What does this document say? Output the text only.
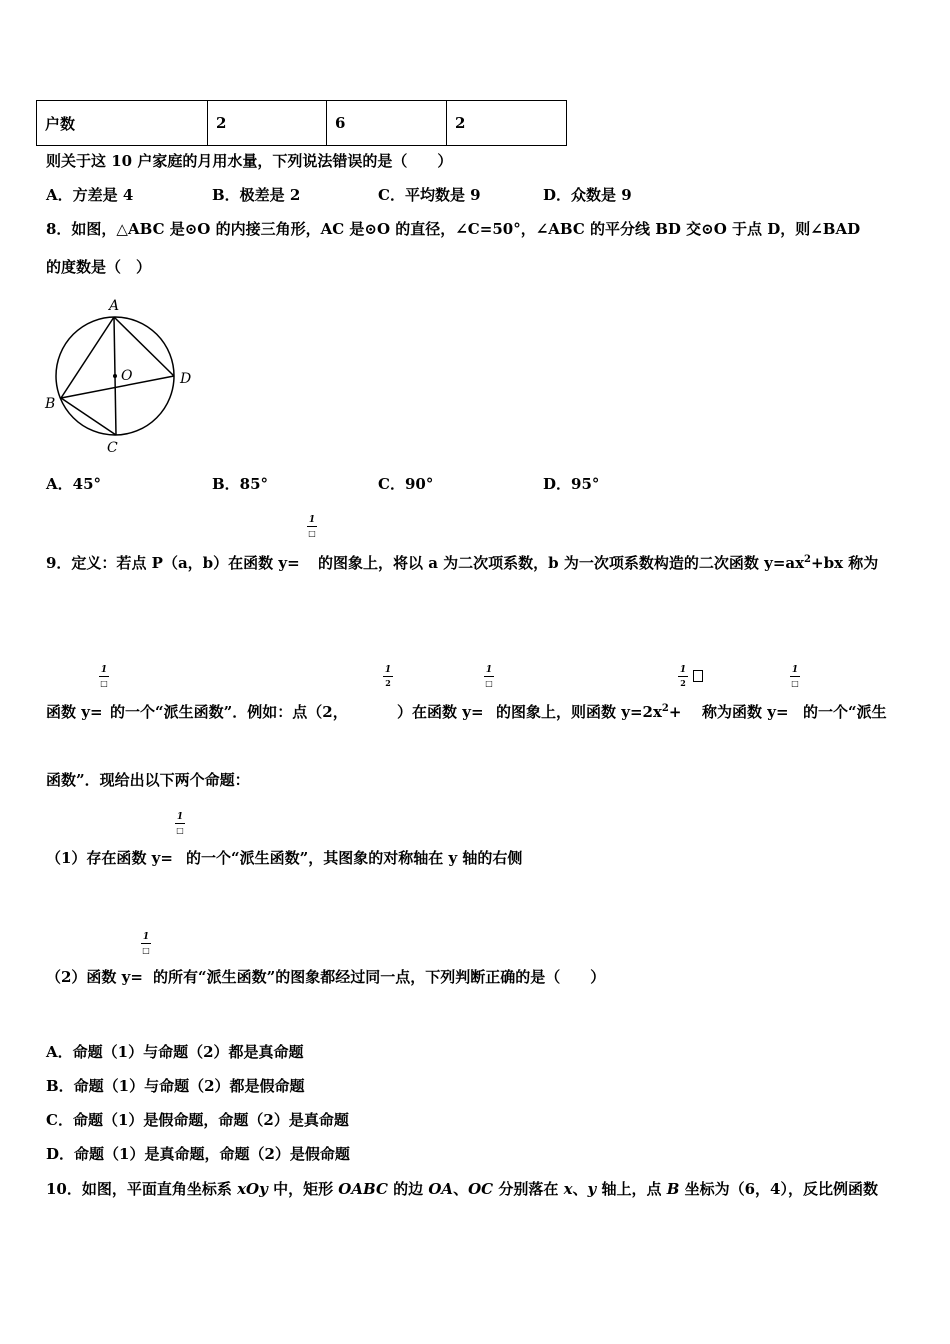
户数	2	6	2
则关于这 10 户家庭的月用水量，下列说法错误的是（　　）
A．方差是 4	B．极差是 2	C．平均数是 9	D．众数是 9
8．如图，△ABC 是⊙O 的内接三角形，AC 是⊙O 的直径，∠C=50°，∠ABC 的平分线 BD 交⊙O 于点 D，则∠BAD
的度数是（　）
A
B
C
D
O
A．45°	B．85°	C．90°	D．95°
1
□
9．定义：若点 P（a，b）在函数 y= 的图象上，将以 a 为二次项系数，b 为一次项系数构造的二次函数 $y=ax^2+bx$ 称为
1
□
1
2
1
□
1
2
1
□
函数 y= 的一个“派生函数”．例如：点（2，	）在函数 y= 的图象上，则函数 $y=2x^2+$ 称为函数 y= 的一个“派生
函数”．现给出以下两个命题：
1
□
（1）存在函数 y= 的一个“派生函数”，其图象的对称轴在 y 轴的右侧
1
□
（2）函数 y= 的所有“派生函数”的图象都经过同一点，下列判断正确的是（　　）
A．命题（1）与命题（2）都是真命题
B．命题（1）与命题（2）都是假命题
C．命题（1）是假命题，命题（2）是真命题
D．命题（1）是真命题，命题（2）是假命题
10．如图，平面直角坐标系 xOy 中，矩形 OABC 的边 OA、OC 分别落在 x、y 轴上，点 B 坐标为（6，4），反比例函数
